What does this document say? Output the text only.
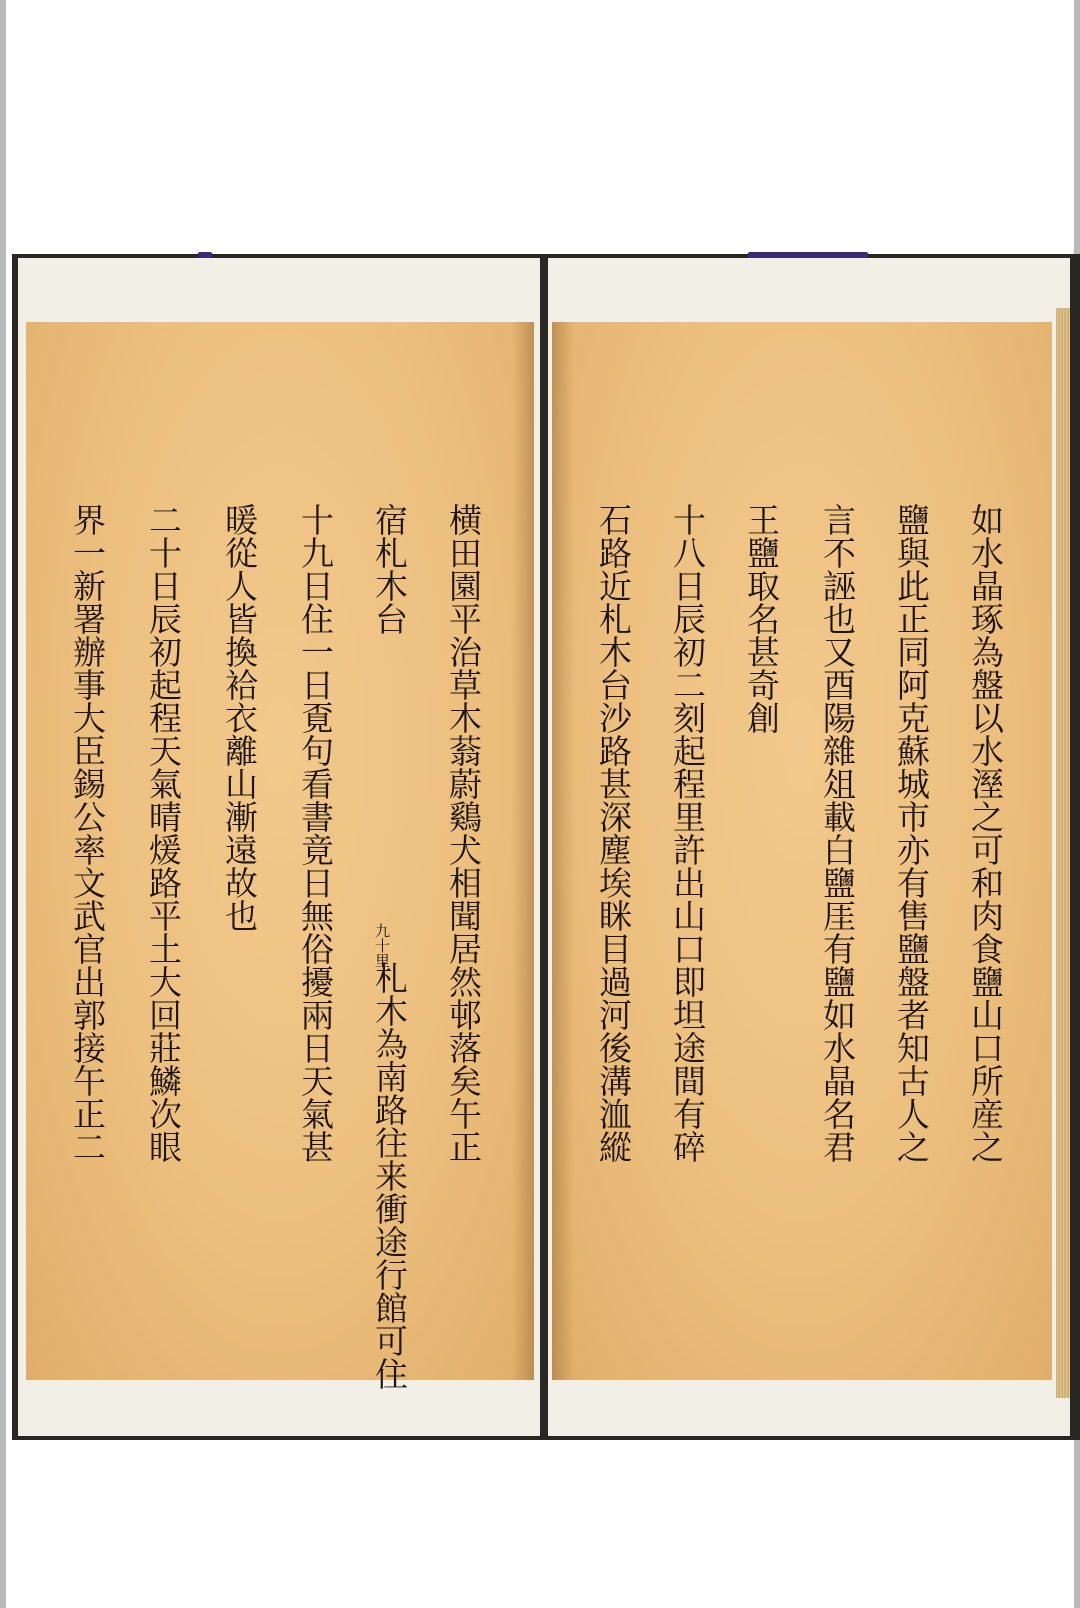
界一新署辦事大臣錫公率文武官出郭接午正二 二十日辰初起程天氣晴煖路平土大回莊鱗次眼 暖從人皆換袷衣離山漸遠故也 十九日住一日覔句看書竟日無俗擾兩日天氣甚 宿札木台
九十里
札木為南路往来衝途行館可住
横田園平治草木蓊蔚鷄犬相聞居然邨落矣午正	石路近札木台沙路甚深塵埃眯目過河後溝洫縱 十八日辰初二刻起程里許出山口即坦途間有碎 王鹽取名甚奇創 言不誣也又酉陽雜俎載白鹽厓有鹽如水晶名君 鹽與此正同阿克蘇城市亦有售鹽盤者知古人之 如水晶琢為盤以水溼之可和肉食鹽山口所産之
